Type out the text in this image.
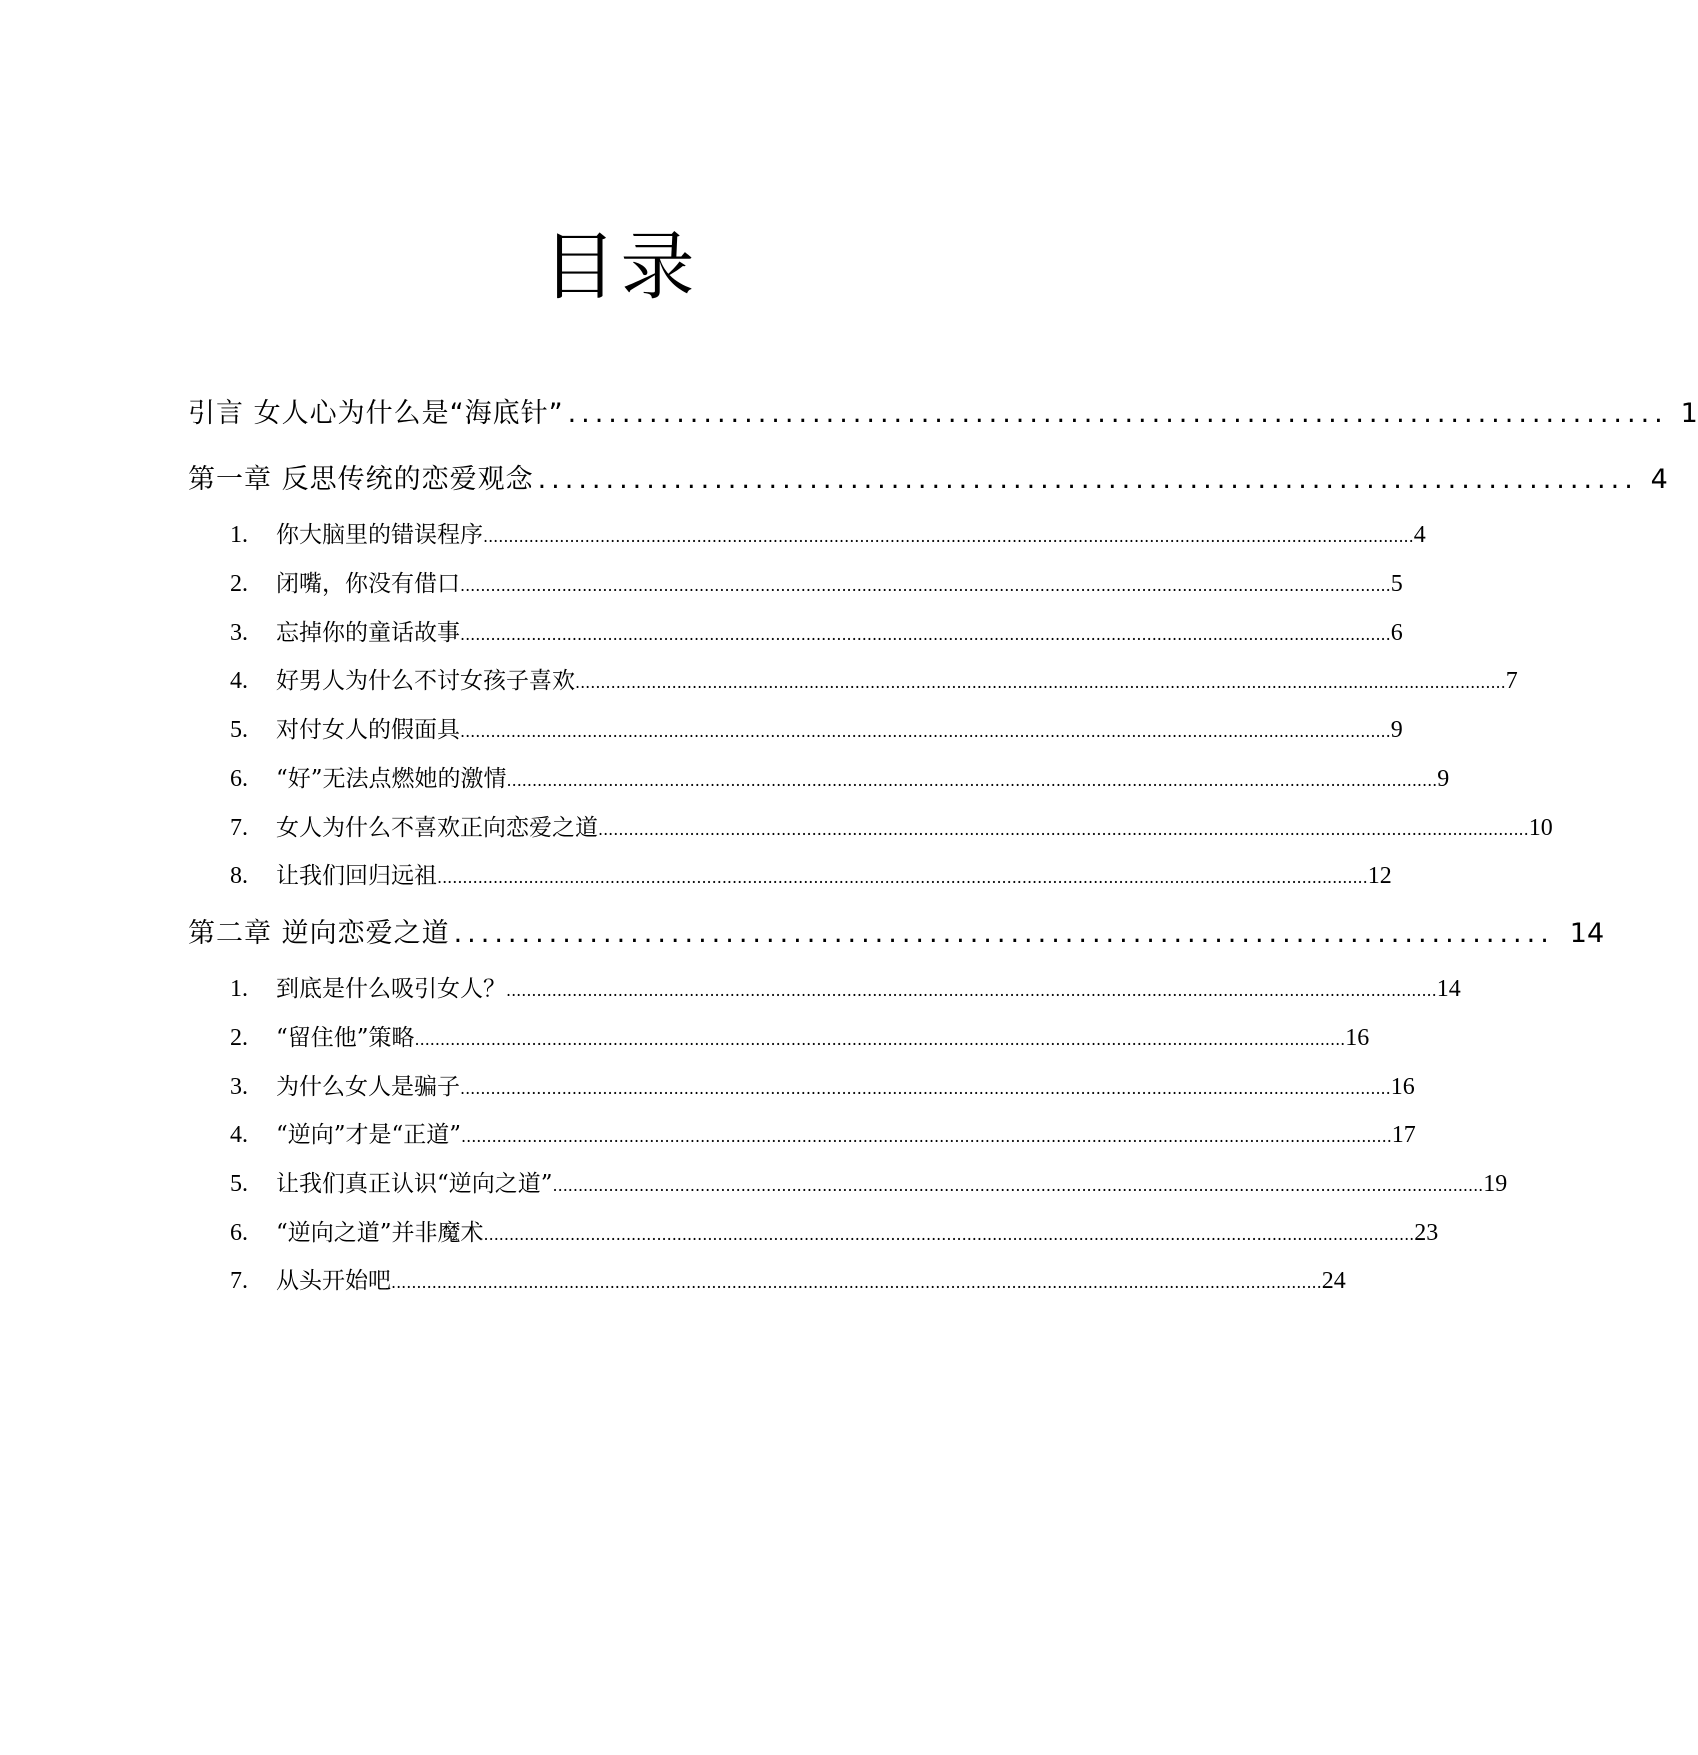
目录
引言 女人心为什么是“海底针” ................................................................................. 1
第一章 反思传统的恋爱观念 ................................................................................. 4
1.	你大脑里的错误程序 ....................................................................................................................................................................................... 4
2.	闭嘴，你没有借口 ....................................................................................................................................................................................... 5
3.	忘掉你的童话故事 ....................................................................................................................................................................................... 6
4.	好男人为什么不讨女孩子喜欢 ....................................................................................................................................................................................... 7
5.	对付女人的假面具 ....................................................................................................................................................................................... 9
6.	“好”无法点燃她的激情 ....................................................................................................................................................................................... 9
7.	女人为什么不喜欢正向恋爱之道 ....................................................................................................................................................................................... 10
8.	让我们回归远祖 ....................................................................................................................................................................................... 12
第二章 逆向恋爱之道 ................................................................................. 14
1.	到底是什么吸引女人？ ....................................................................................................................................................................................... 14
2.	“留住他”策略 ....................................................................................................................................................................................... 16
3.	为什么女人是骗子 ....................................................................................................................................................................................... 16
4.	“逆向”才是“正道” ....................................................................................................................................................................................... 17
5.	让我们真正认识“逆向之道” ....................................................................................................................................................................................... 19
6.	“逆向之道”并非魔术 ....................................................................................................................................................................................... 23
7.	从头开始吧 ....................................................................................................................................................................................... 24
